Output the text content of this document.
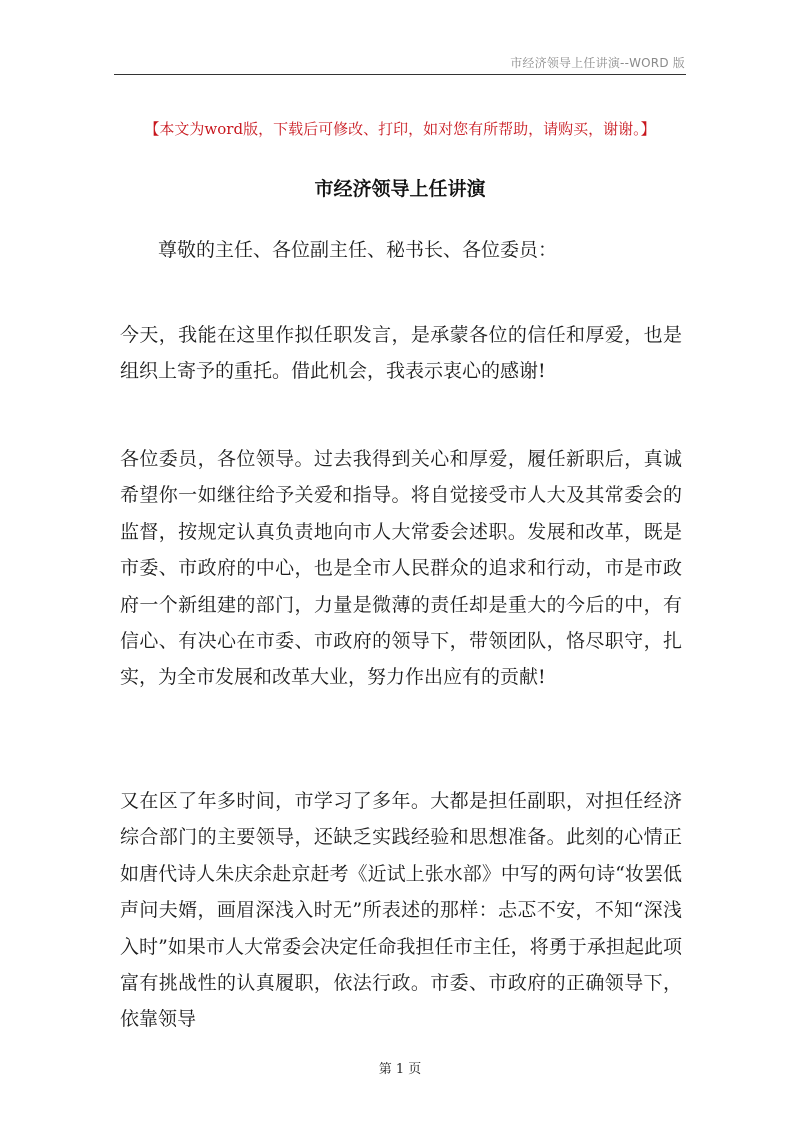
市经济领导上任讲演--WORD 版
【本文为word版，下载后可修改、打印，如对您有所帮助，请购买，谢谢。】
市经济领导上任讲演
尊敬的主任、各位副主任、秘书长、各位委员：
今天，我能在这里作拟任职发言，是承蒙各位的信任和厚爱，也是组织上寄予的重托。借此机会，我表示衷心的感谢!
各位委员，各位领导。过去我得到关心和厚爱，履任新职后，真诚希望你一如继往给予关爱和指导。将自觉接受市人大及其常委会的监督，按规定认真负责地向市人大常委会述职。发展和改革，既是市委、市政府的中心，也是全市人民群众的追求和行动，市是市政府一个新组建的部门，力量是微薄的责任却是重大的今后的中，有信心、有决心在市委、市政府的领导下，带领团队，恪尽职守，扎实，为全市发展和改革大业，努力作出应有的贡献!
又在区了年多时间，市学习了多年。大都是担任副职，对担任经济综合部门的主要领导，还缺乏实践经验和思想准备。此刻的心情正如唐代诗人朱庆余赴京赶考《近试上张水部》中写的两句诗“妆罢低声问夫婿，画眉深浅入时无”所表述的那样：忐忑不安，不知“深浅入时”如果市人大常委会决定任命我担任市主任，将勇于承担起此项富有挑战性的认真履职，依法行政。市委、市政府的正确领导下，依靠领导
第 1 页
